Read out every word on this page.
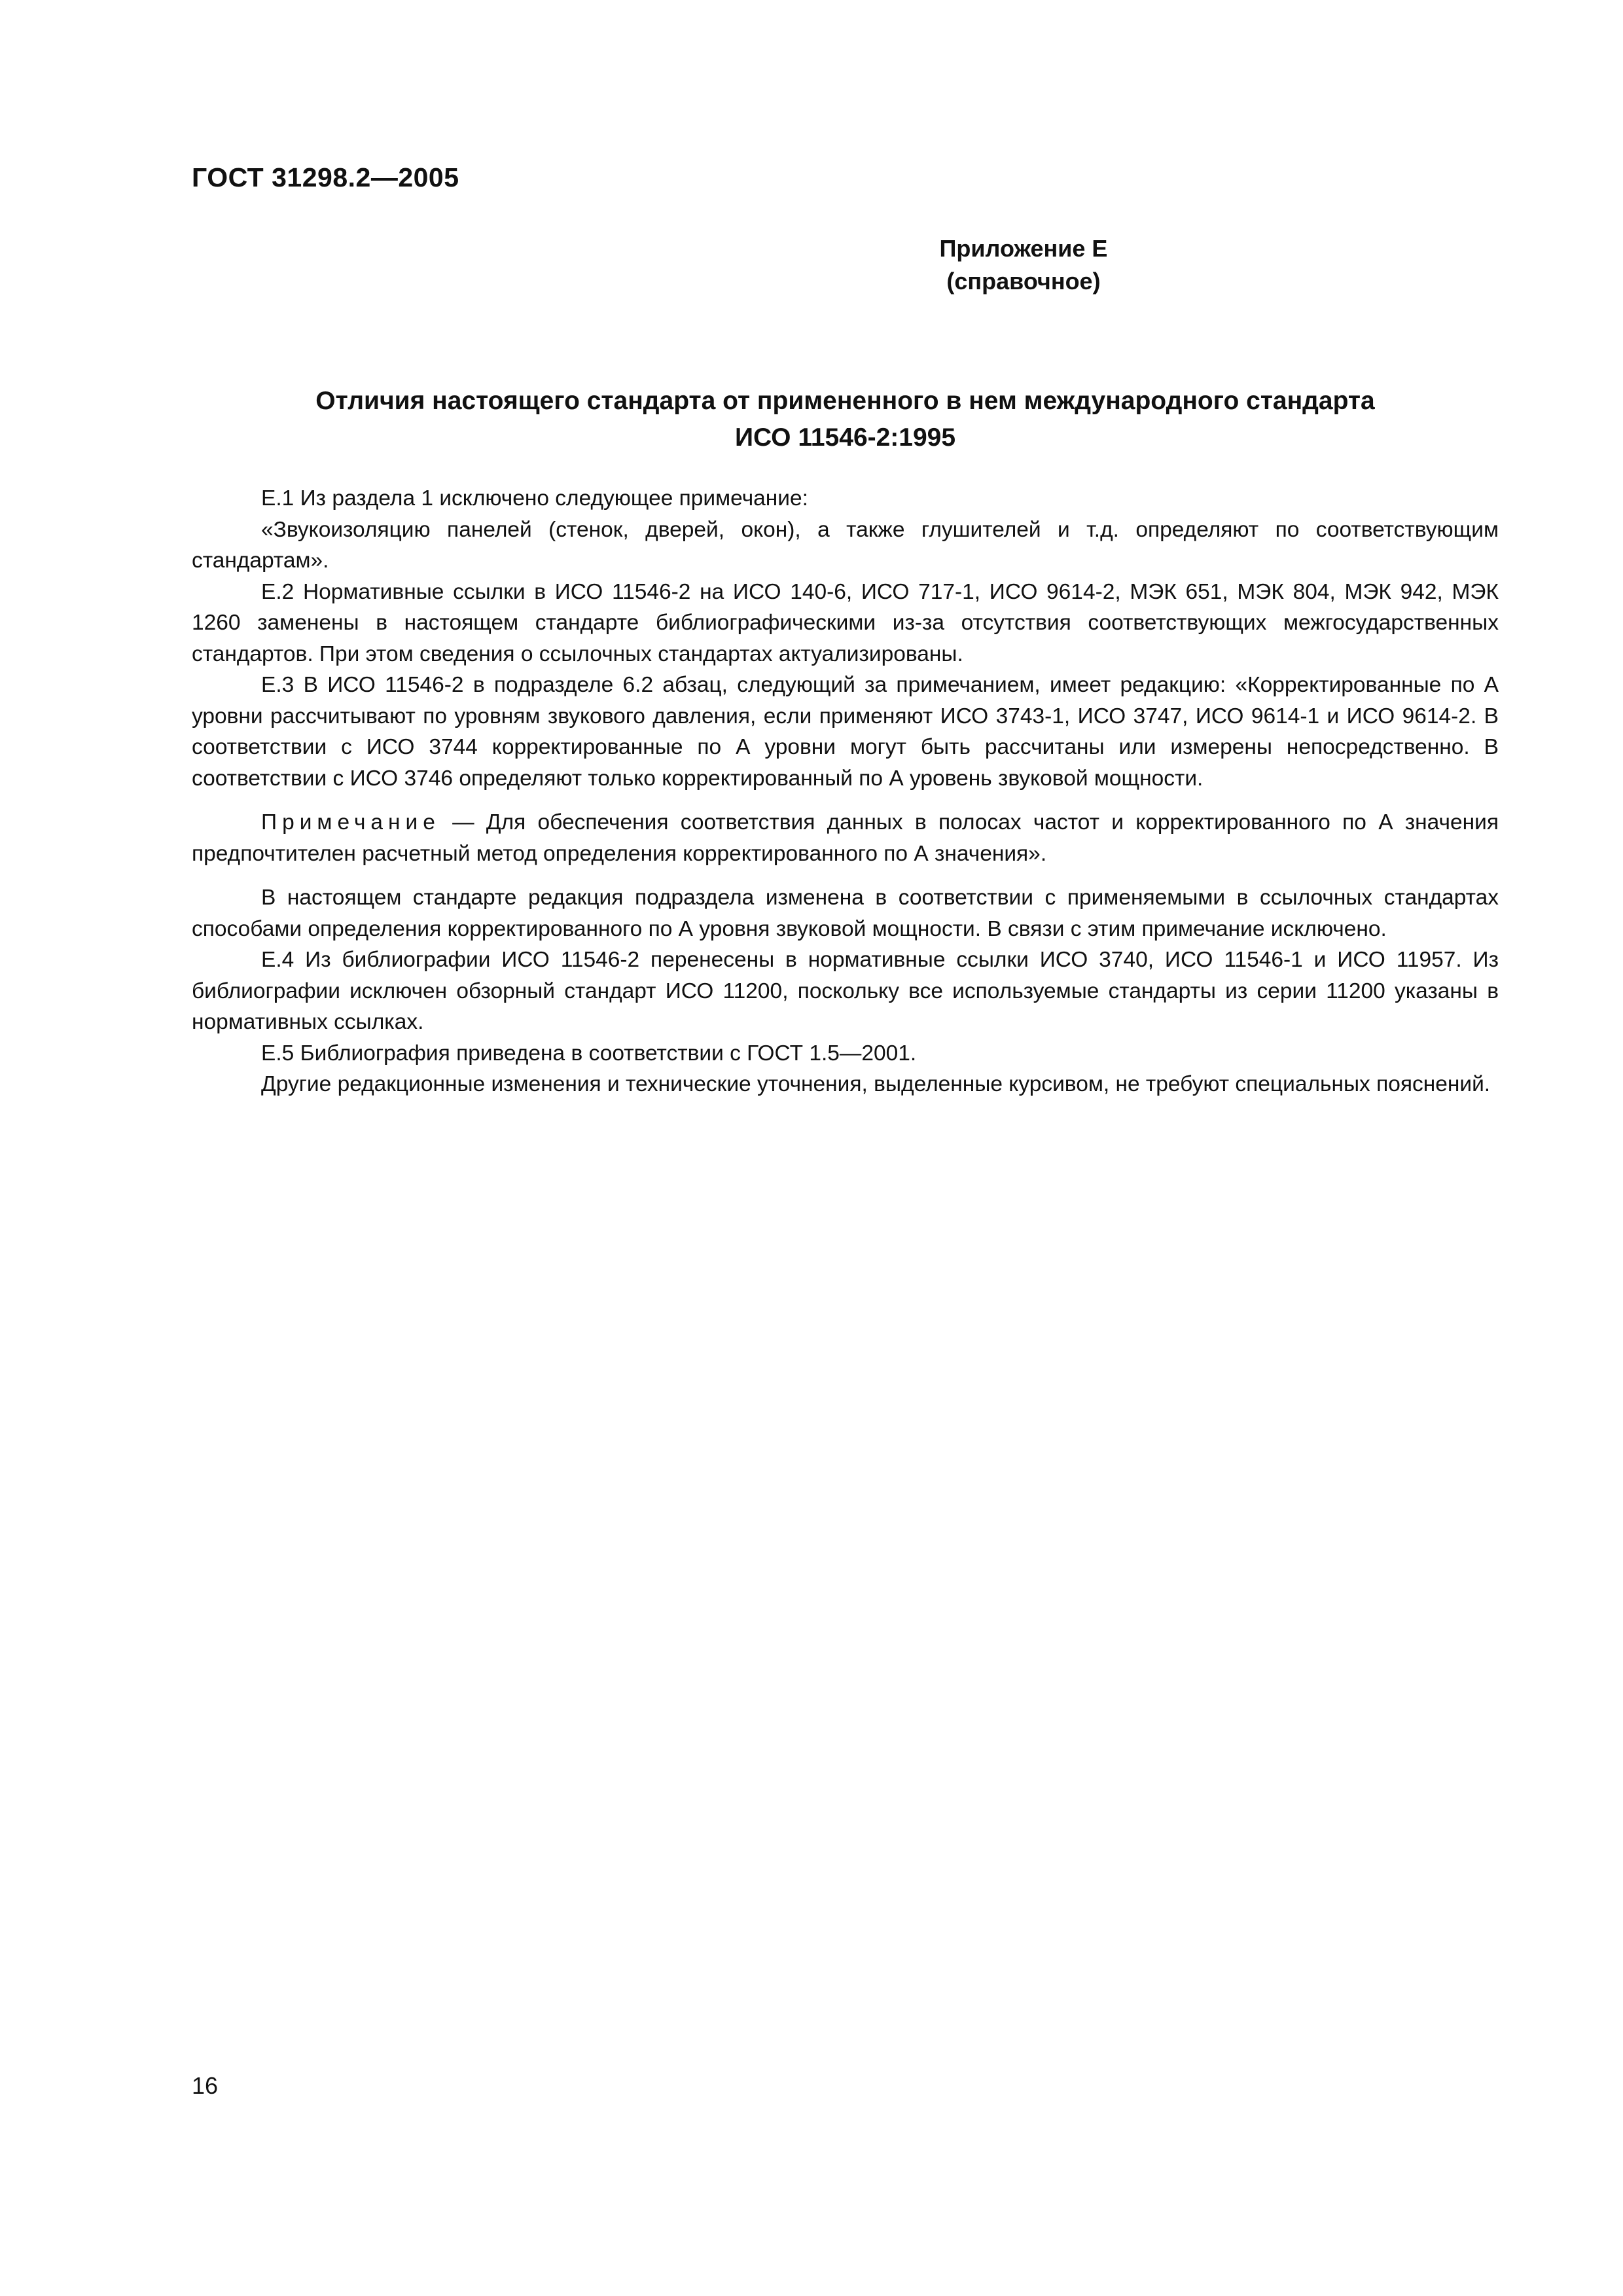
ГОСТ 31298.2—2005
Приложение Е
(справочное)
Отличия настоящего стандарта от примененного в нем международного стандарта
ИСО 11546-2:1995

Е.1 Из раздела 1 исключено следующее примечание:

«Звукоизоляцию панелей (стенок, дверей, окон), а также глушителей и т.д. определяют по соответствующим стандартам».

Е.2 Нормативные ссылки в ИСО 11546-2 на ИСО 140-6, ИСО 717-1, ИСО 9614-2, МЭК 651, МЭК 804, МЭК 942, МЭК 1260 заменены в настоящем стандарте библиографическими из-за отсутствия соответствующих межгосударственных стандартов. При этом сведения о ссылочных стандартах актуализированы.

Е.3 В ИСО 11546-2 в подразделе 6.2 абзац, следующий за примечанием, имеет редакцию: «Корректированные по А уровни рассчитывают по уровням звукового давления, если применяют ИСО 3743-1, ИСО 3747, ИСО 9614-1 и ИСО 9614-2. В соответствии с ИСО 3744 корректированные по А уровни могут быть рассчитаны или измерены непосредственно. В соответствии с ИСО 3746 определяют только корректированный по А уровень звуковой мощности.

Примечание — Для обеспечения соответствия данных в полосах частот и корректированного по А значения предпочтителен расчетный метод определения корректированного по А значения».

В настоящем стандарте редакция подраздела изменена в соответствии с применяемыми в ссылочных стандартах способами определения корректированного по А уровня звуковой мощности. В связи с этим примечание исключено.

Е.4 Из библиографии ИСО 11546-2 перенесены в нормативные ссылки ИСО 3740, ИСО 11546-1 и ИСО 11957. Из библиографии исключен обзорный стандарт ИСО 11200, поскольку все используемые стандарты из серии 11200 указаны в нормативных ссылках.

Е.5 Библиография приведена в соответствии с ГОСТ 1.5—2001.

Другие редакционные изменения и технические уточнения, выделенные курсивом, не требуют специальных пояснений.

16
